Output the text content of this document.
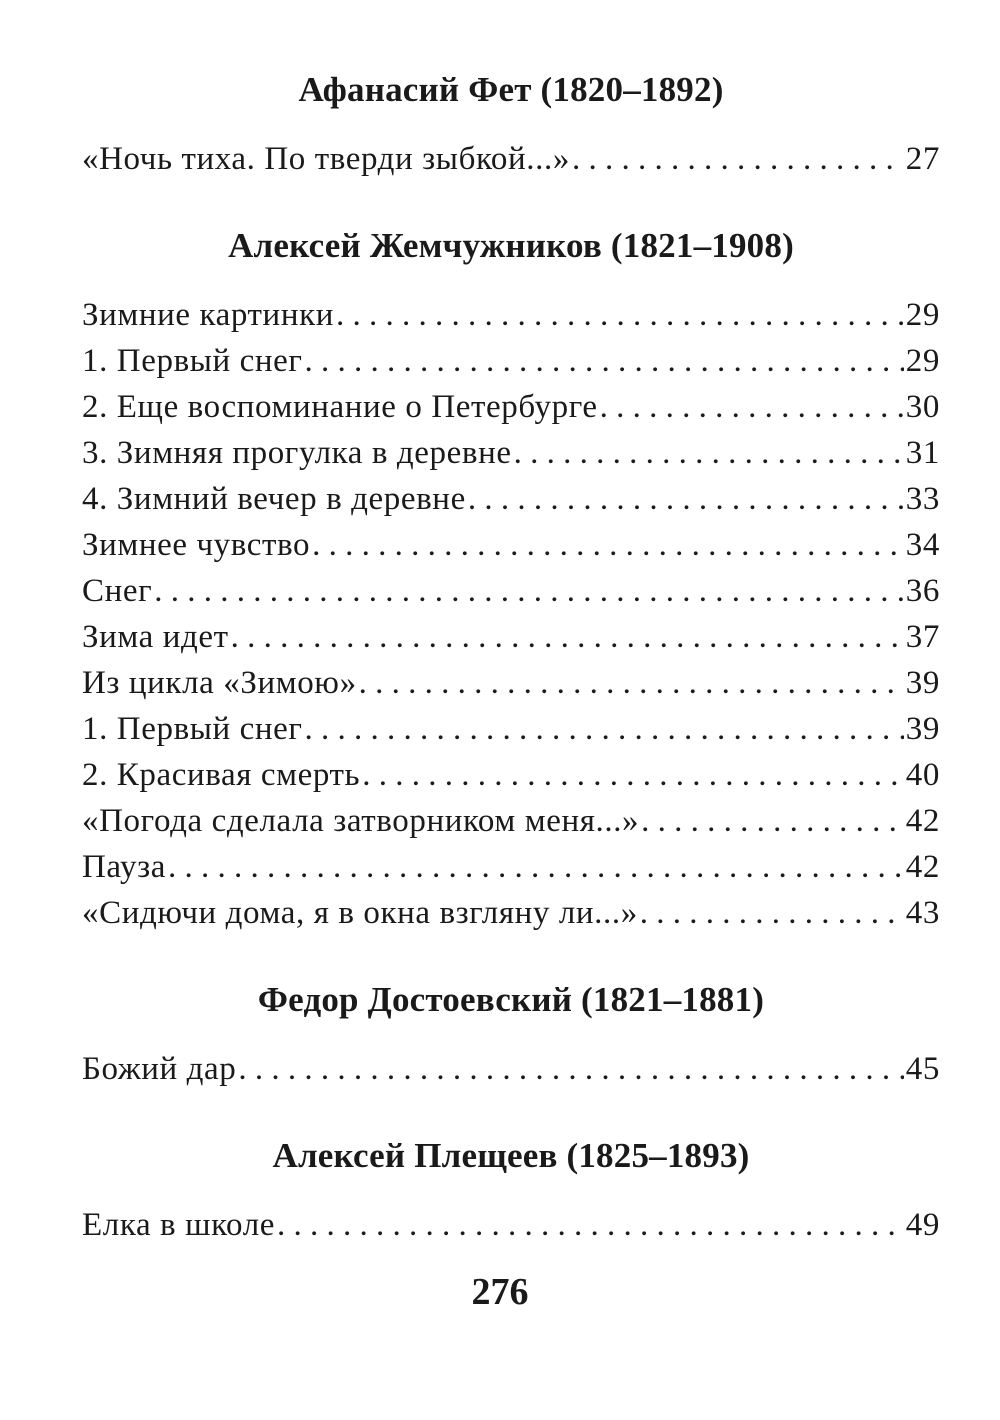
Афанасий Фет (1820–1892)
«Ночь тиха. По тверди зыбкой...» . . .	27
Алексей Жемчужников (1821–1908)
Зимние картинки . . .	29
1. Первый снег . . .	29
2. Еще воспоминание о Петербурге . . .	30
3. Зимняя прогулка в деревне . . .	31
4. Зимний вечер в деревне . . .	33
Зимнее чувство . . .	34
Снег . . .	36
Зима идет . . .	37
Из цикла «Зимою» . . .	39
1. Первый снег . . .	39
2. Красивая смерть . . .	40
«Погода сделала затворником меня...» . . .	42
Пауза . . .	42
«Сидючи дома, я в окна взгляну ли...» . . .	43
Федор Достоевский (1821–1881)
Божий дар . . .	45
Алексей Плещеев (1825–1893)
Елка в школе . . .	49
276
